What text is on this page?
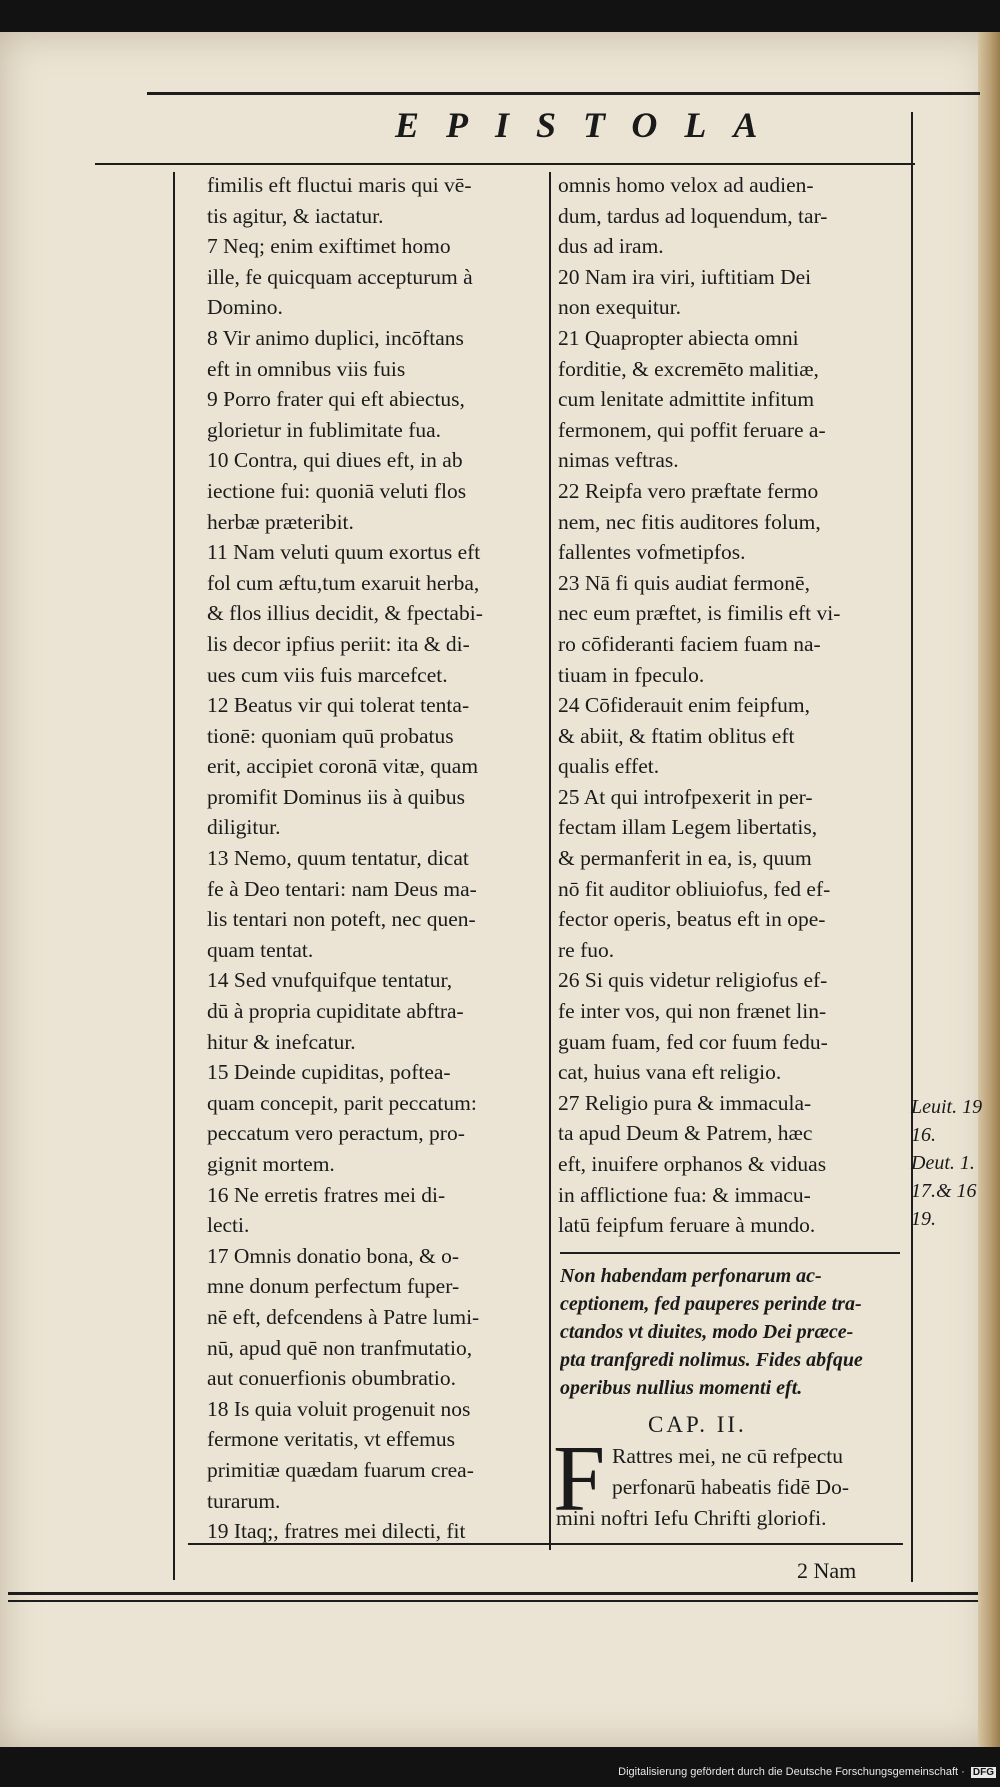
EPISTOLA
fimilis eft fluctui maris qui vē-
tis agitur, & iactatur.
7 Neq; enim exiftimet homo
ille, fe quicquam accepturum à
Domino.
8 Vir animo duplici, incōftans
eft in omnibus viis fuis
9 Porro frater qui eft abiectus,
glorietur in fublimitate fua.
10 Contra, qui diues eft, in ab
iectione fui: quoniā veluti flos
herbæ præteribit.
11 Nam veluti quum exortus eft
fol cum æftu,tum exaruit herba,
& flos illius decidit, & fpectabi-
lis decor ipfius periit: ita & di-
ues cum viis fuis marcefcet.
12 Beatus vir qui tolerat tenta-
tionē: quoniam quū probatus
erit, accipiet coronā vitæ, quam
promifit Dominus iis à quibus
diligitur.
13 Nemo, quum tentatur, dicat
fe à Deo tentari: nam Deus ma-
lis tentari non poteft, nec quen-
quam tentat.
14 Sed vnufquifque tentatur,
dū à propria cupiditate abftra-
hitur & inefcatur.
15 Deinde cupiditas, poftea-
quam concepit, parit peccatum:
peccatum vero peractum, pro-
gignit mortem.
16 Ne erretis fratres mei di-
lecti.
17 Omnis donatio bona, & o-
mne donum perfectum fuper-
nē eft, defcendens à Patre lumi-
nū, apud quē non tranfmutatio,
aut conuerfionis obumbratio.
18 Is quia voluit progenuit nos
fermone veritatis, vt effemus
primitiæ quædam fuarum crea-
turarum.
19 Itaq;, fratres mei dilecti, fit
omnis homo velox ad audien-
dum, tardus ad loquendum, tar-
dus ad iram.
20 Nam ira viri, iuftitiam Dei
non exequitur.
21 Quapropter abiecta omni
forditie, & excremēto malitiæ,
cum lenitate admittite infitum
fermonem, qui poffit feruare a-
nimas veftras.
22 Reipfa vero præftate fermo
nem, nec fitis auditores folum,
fallentes vofmetipfos.
23 Nā fi quis audiat fermonē,
nec eum præftet, is fimilis eft vi-
ro cōfideranti faciem fuam na-
tiuam in fpeculo.
24 Cōfiderauit enim feipfum,
& abiit, & ftatim oblitus eft
qualis effet.
25 At qui introfpexerit in per-
fectam illam Legem libertatis,
& permanferit in ea, is, quum
nō fit auditor obliuiofus, fed ef-
fector operis, beatus eft in ope-
re fuo.
26 Si quis videtur religiofus ef-
fe inter vos, qui non frænet lin-
guam fuam, fed cor fuum fedu-
cat, huius vana eft religio.
27 Religio pura & immacula-
ta apud Deum & Patrem, hæc
eft, inuifere orphanos & viduas
in afflictione fua: & immacu-
latū feipfum feruare à mundo.
Non habendam perfonarum ac-
ceptionem, fed pauperes perinde tra-
ctandos vt diuites, modo Dei præce-
pta tranfgredi nolimus. Fides abfque
operibus nullius momenti eft.
CAP. II.
F Rattres mei, ne cū refpectu
perfonarū habeatis fidē Do-
mini noftri Iefu Chrifti gloriofi.
2 Nam
Leuit. 19
16.
Deut. 1.
17.& 16
19.
Digitalisierung gefördert durch die Deutsche Forschungsgemeinschaft · DFG
